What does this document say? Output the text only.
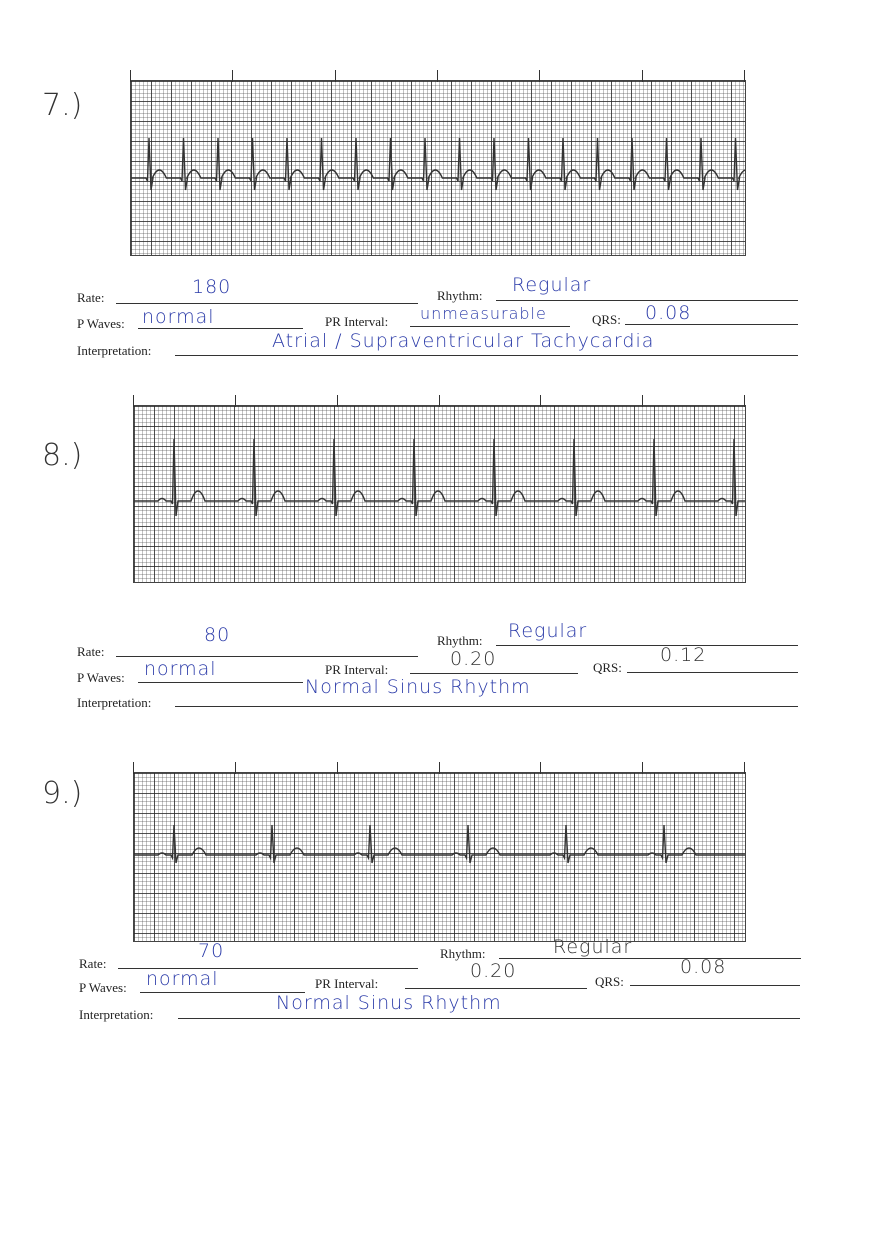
7.)
Rate:	180	Rhythm: Regular
P Waves: normal	PR Interval: unmeasurable	QRS: 0.08
Interpretation:	Atrial / Supraventricular Tachycardia
8.)
Rate:
80	Rhythm: Regular
P Waves: normal	PR Interval:	0.20	QRS:
0.12
Interpretation:
Normal Sinus Rhythm
9.)
Rate:
70	Rhythm:	Regular
P Waves: normal	PR Interval:
0.20	QRS:
0.08
Interpretation:
Normal Sinus Rhythm
